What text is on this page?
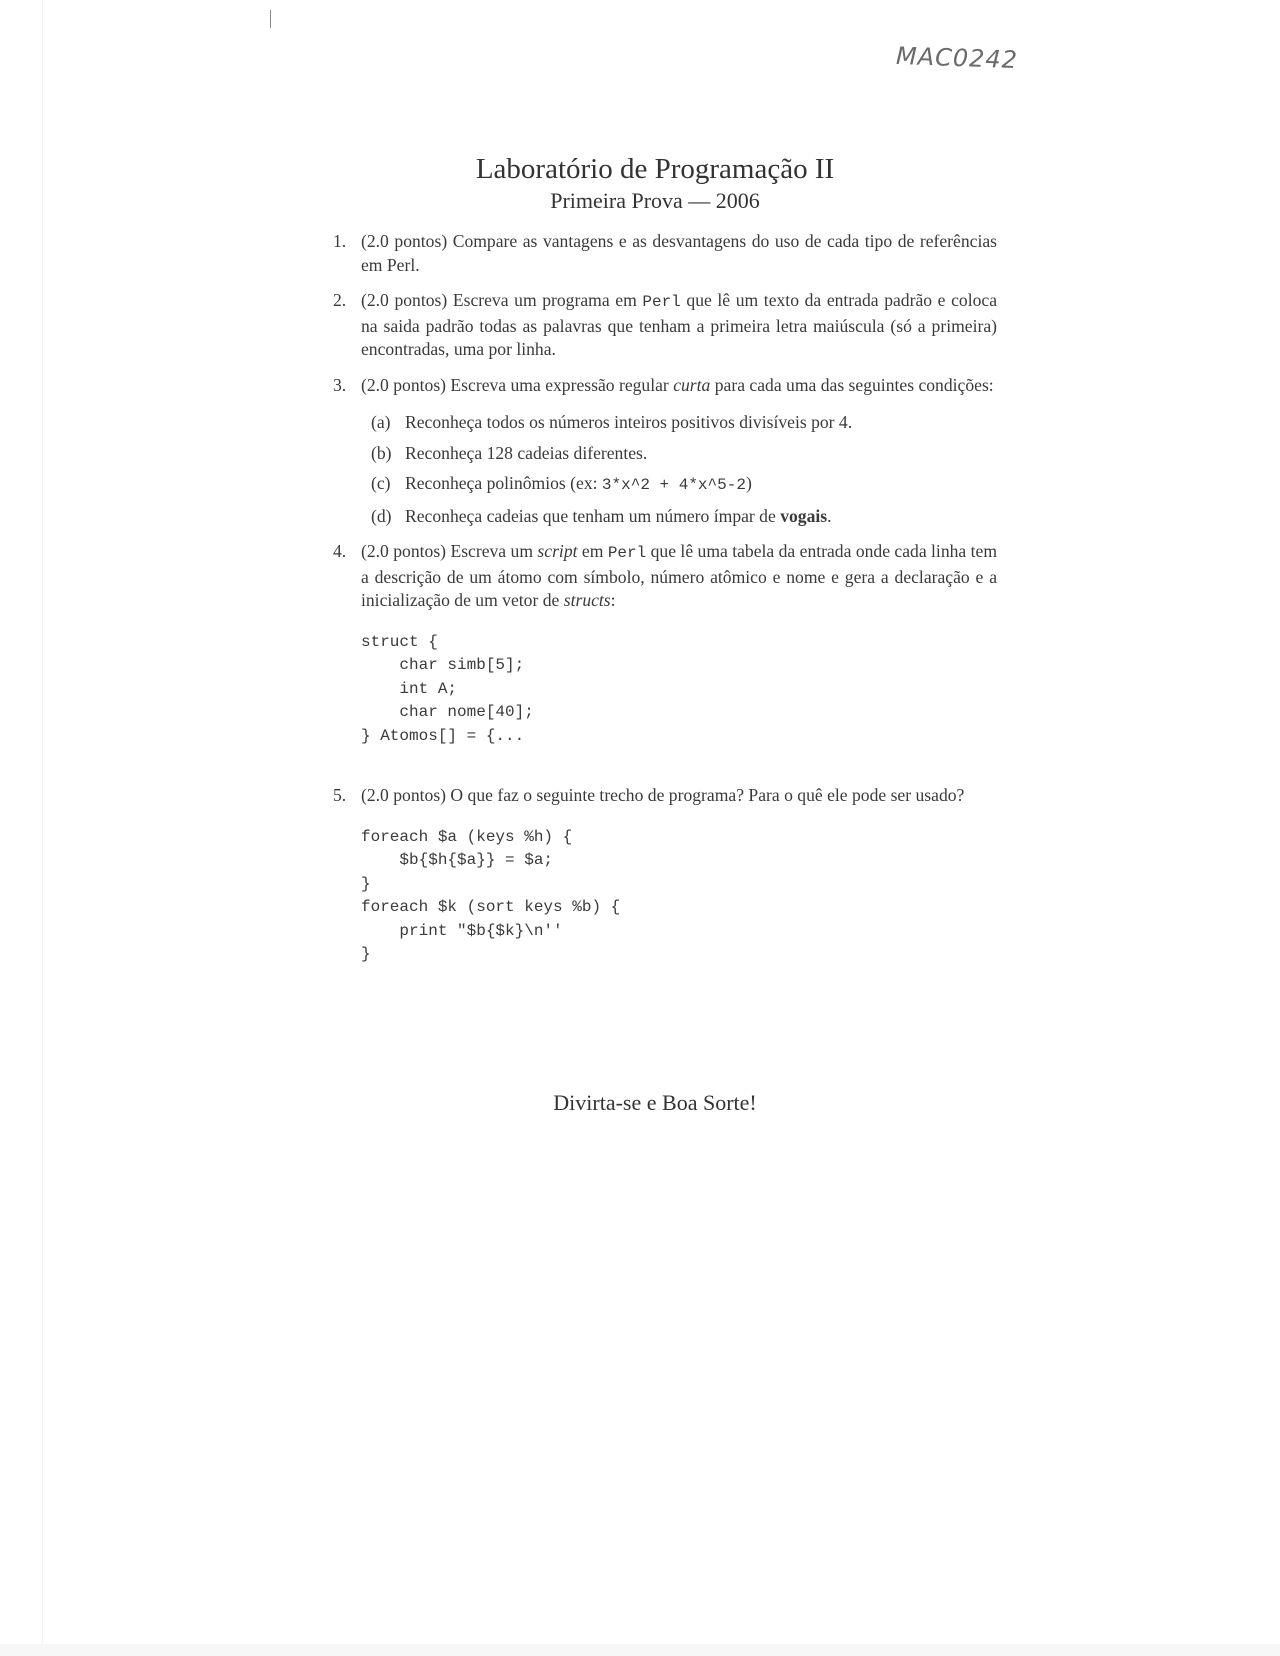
MAC0242
Laboratório de Programação II
Primeira Prova — 2006
1. (2.0 pontos) Compare as vantagens e as desvantagens do uso de cada tipo de referências em Perl.
2. (2.0 pontos) Escreva um programa em Perl que lê um texto da entrada padrão e coloca na saida padrão todas as palavras que tenham a primeira letra maiúscula (só a primeira) encontradas, uma por linha.
3. (2.0 pontos) Escreva uma expressão regular curta para cada uma das seguintes condições:
(a) Reconheça todos os números inteiros positivos divisíveis por 4.
(b) Reconheça 128 cadeias diferentes.
(c) Reconheça polinômios (ex: 3*x^2 + 4*x^5-2)
(d) Reconheça cadeias que tenham um número ímpar de vogais.
4. (2.0 pontos) Escreva um script em Perl que lê uma tabela da entrada onde cada linha tem a descrição de um átomo com símbolo, número atômico e nome e gera a declaração e a inicialização de um vetor de structs:
struct {
char simb[5];
int A;
char nome[40];
} Atomos[] = {...
5. (2.0 pontos) O que faz o seguinte trecho de programa? Para o quê ele pode ser usado?
foreach $a (keys %h) {
$b{$h{$a}} = $a;
}
foreach $k (sort keys %b) {
print "$b{$k}\n''
}
Divirta-se e Boa Sorte!
